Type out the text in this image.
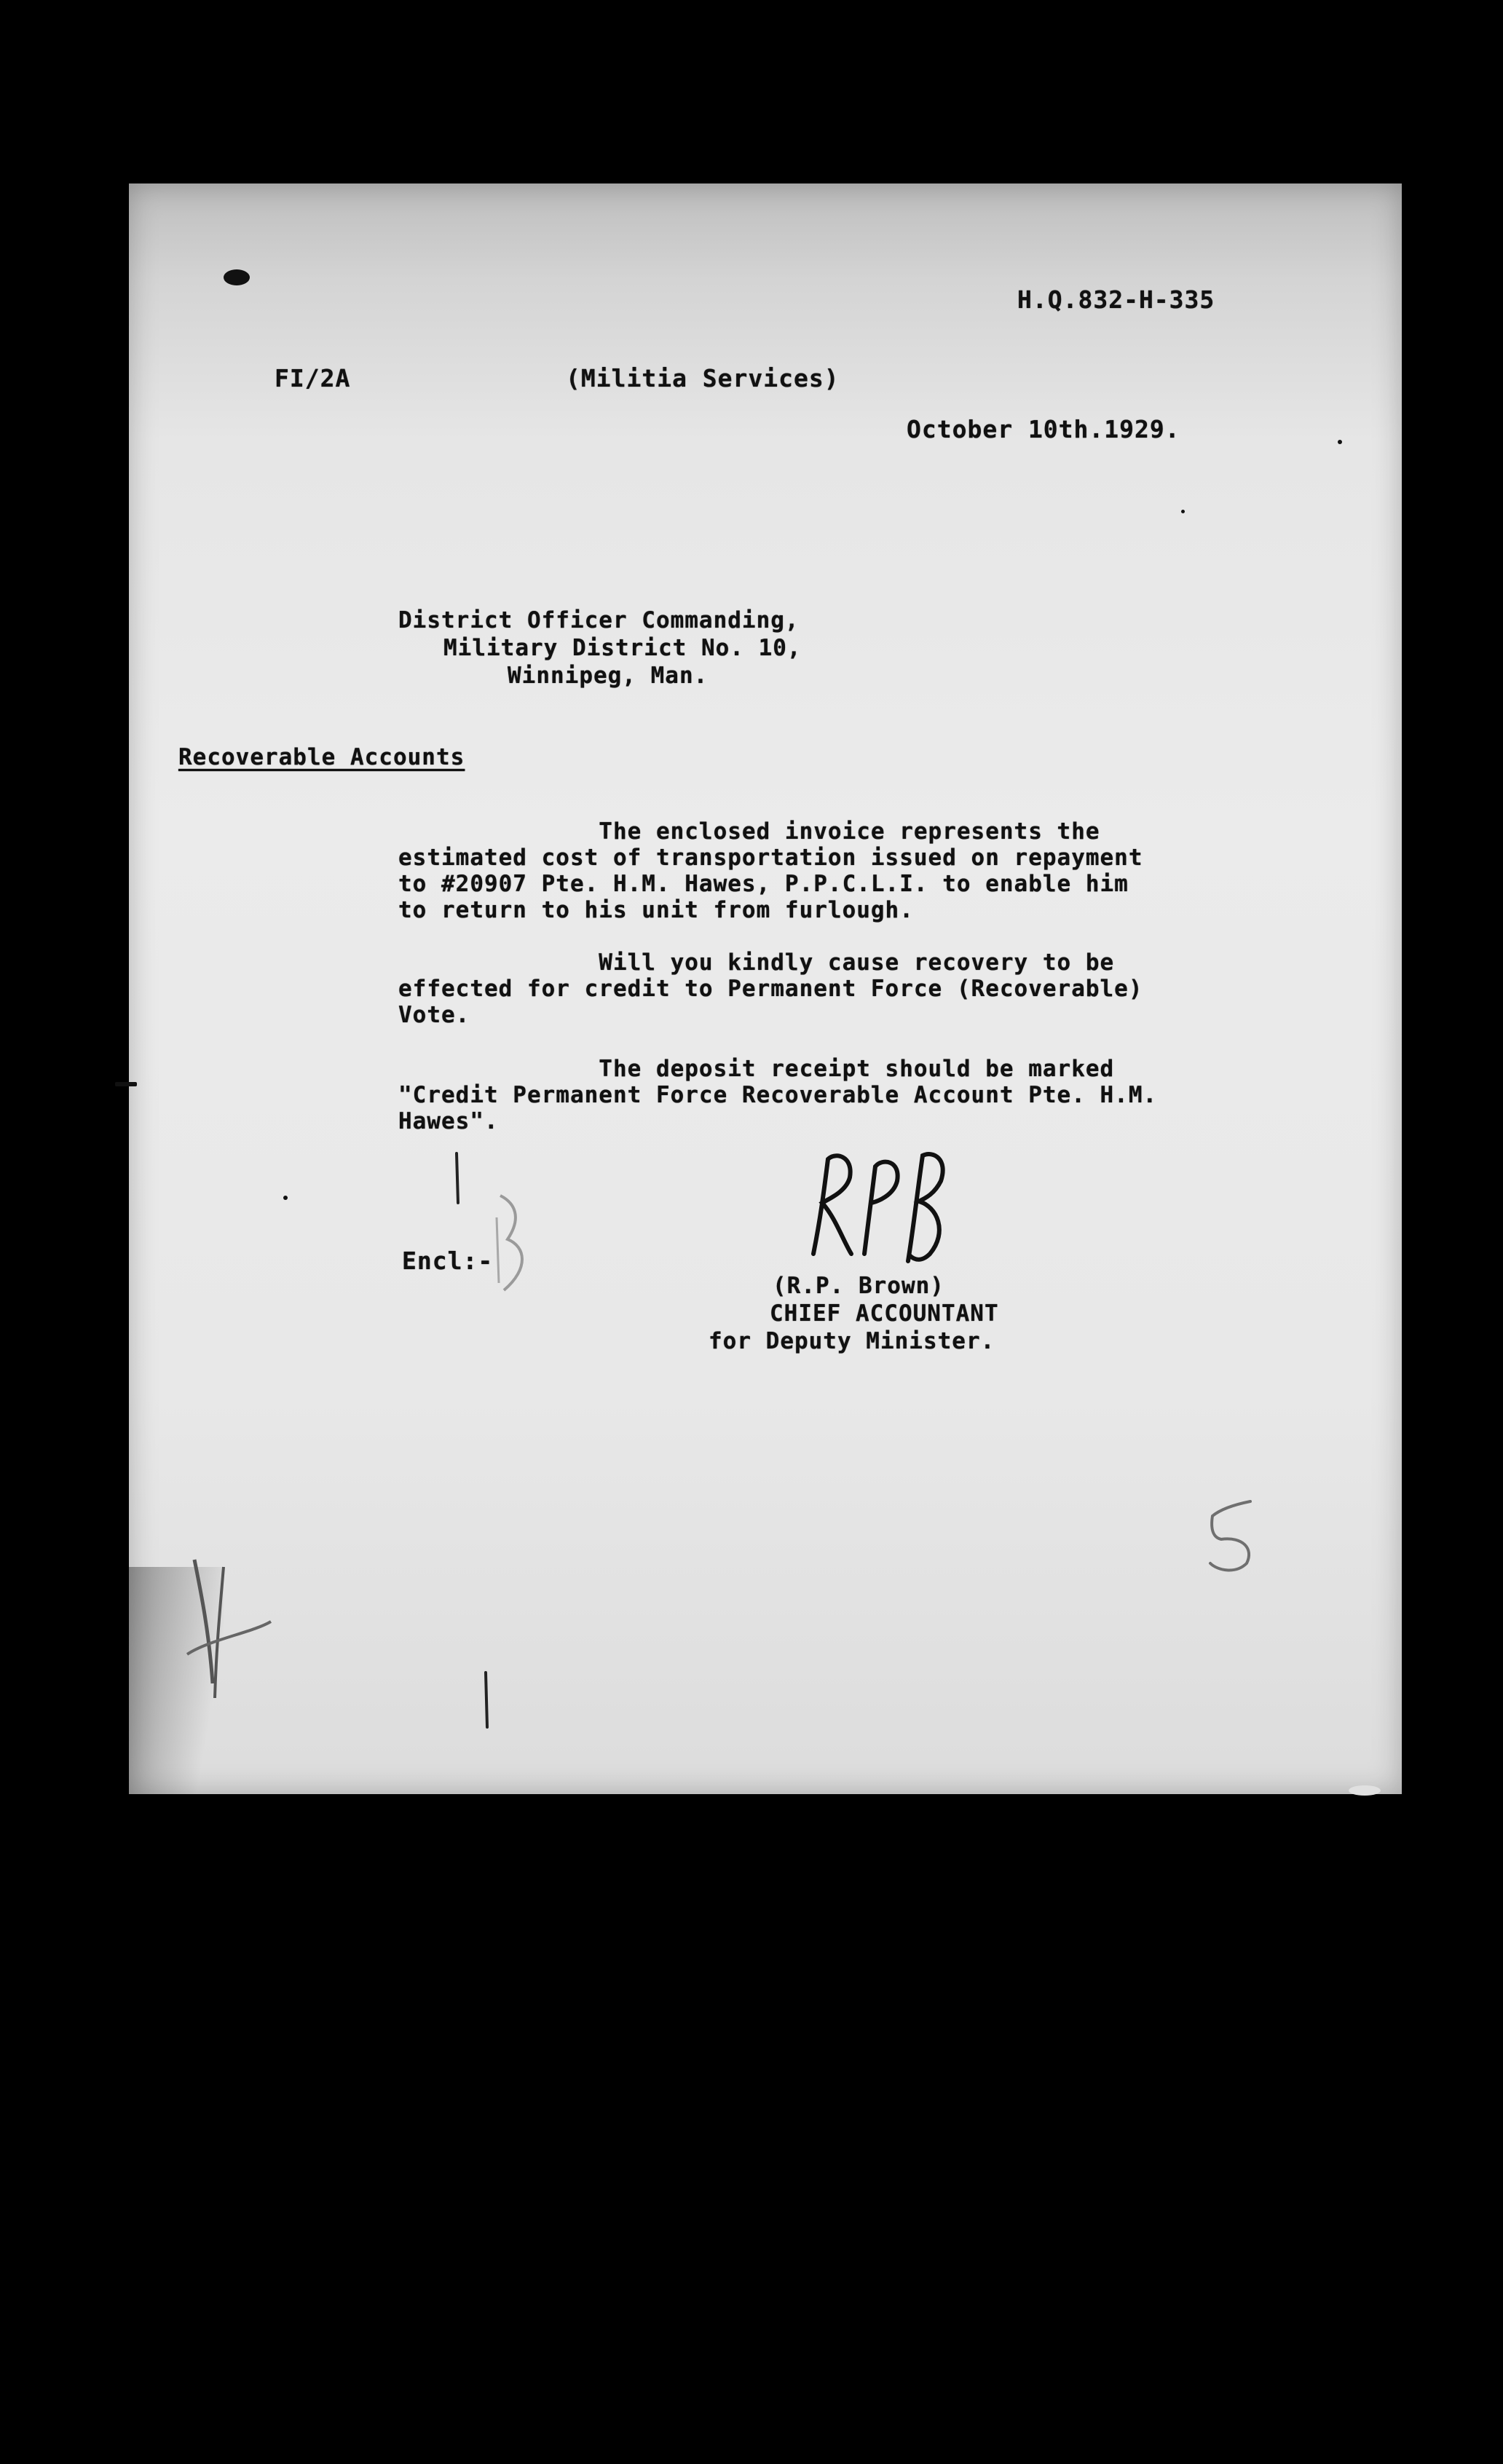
H.Q.832-H-335
FI/2A	(Militia Services)
October 10th.1929.
District Officer Commanding,
Military District No. 10,
Winnipeg, Man.
Recoverable Accounts
The enclosed invoice represents the
estimated cost of transportation issued on repayment
to #20907 Pte. H.M. Hawes, P.P.C.L.I. to enable him
to return to his unit from furlough.
Will you kindly cause recovery to be
effected for credit to Permanent Force (Recoverable)
Vote.
The deposit receipt should be marked
"Credit Permanent Force Recoverable Account Pte. H.M.
Hawes".
Encl:-
(R.P. Brown)
CHIEF ACCOUNTANT
for Deputy Minister.
